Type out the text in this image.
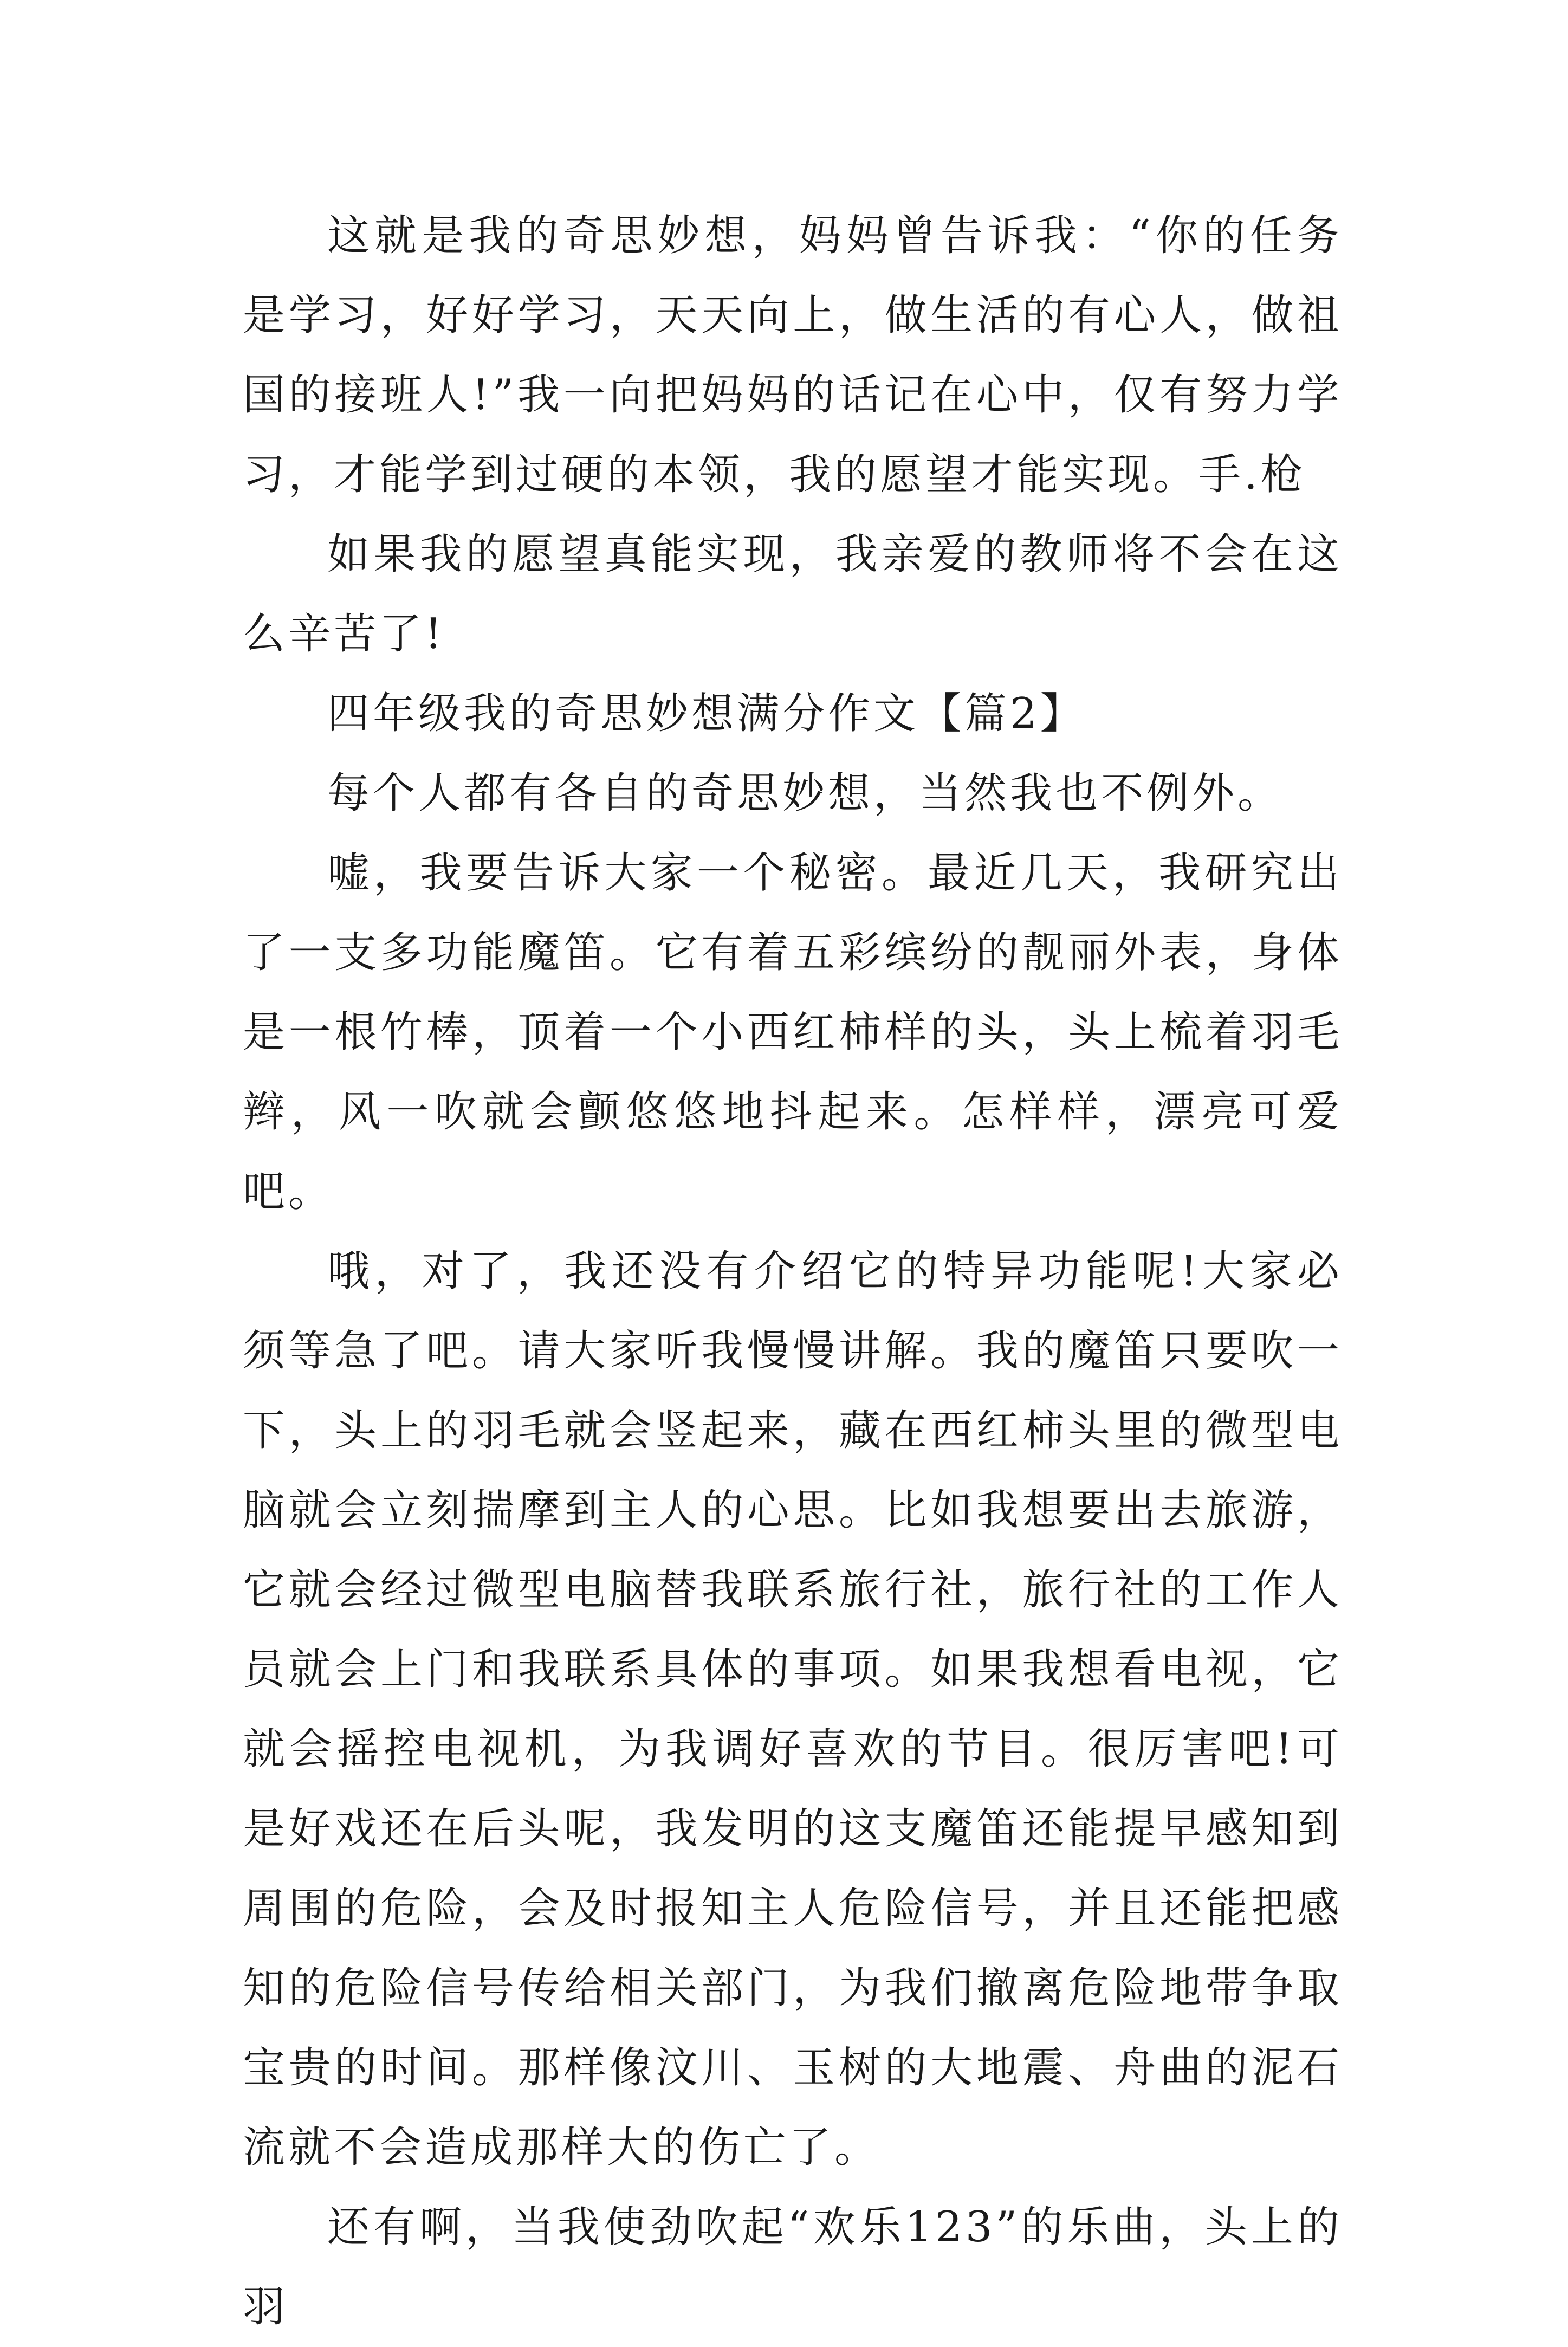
这就是我的奇思妙想，妈妈曾告诉我：“你的任务是学习，好好学习，天天向上，做生活的有心人，做祖国的接班人!”我一向把妈妈的话记在心中，仅有努力学习，才能学到过硬的本领，我的愿望才能实现。手.枪

如果我的愿望真能实现，我亲爱的教师将不会在这么辛苦了!

四年级我的奇思妙想满分作文【篇2】

每个人都有各自的奇思妙想，当然我也不例外。

嘘，我要告诉大家一个秘密。最近几天，我研究出了一支多功能魔笛。它有着五彩缤纷的靓丽外表，身体是一根竹棒，顶着一个小西红柿样的头，头上梳着羽毛辫，风一吹就会颤悠悠地抖起来。怎样样，漂亮可爱吧。

哦，对了，我还没有介绍它的特异功能呢!大家必须等急了吧。请大家听我慢慢讲解。我的魔笛只要吹一下，头上的羽毛就会竖起来，藏在西红柿头里的微型电脑就会立刻揣摩到主人的心思。比如我想要出去旅游，它就会经过微型电脑替我联系旅行社，旅行社的工作人员就会上门和我联系具体的事项。如果我想看电视，它就会摇控电视机，为我调好喜欢的节目。很厉害吧!可是好戏还在后头呢，我发明的这支魔笛还能提早感知到周围的危险，会及时报知主人危险信号，并且还能把感知的危险信号传给相关部门，为我们撤离危险地带争取宝贵的时间。那样像汶川、玉树的大地震、舟曲的泥石流就不会造成那样大的伤亡了。

还有啊，当我使劲吹起“欢乐123”的乐曲，头上的羽
